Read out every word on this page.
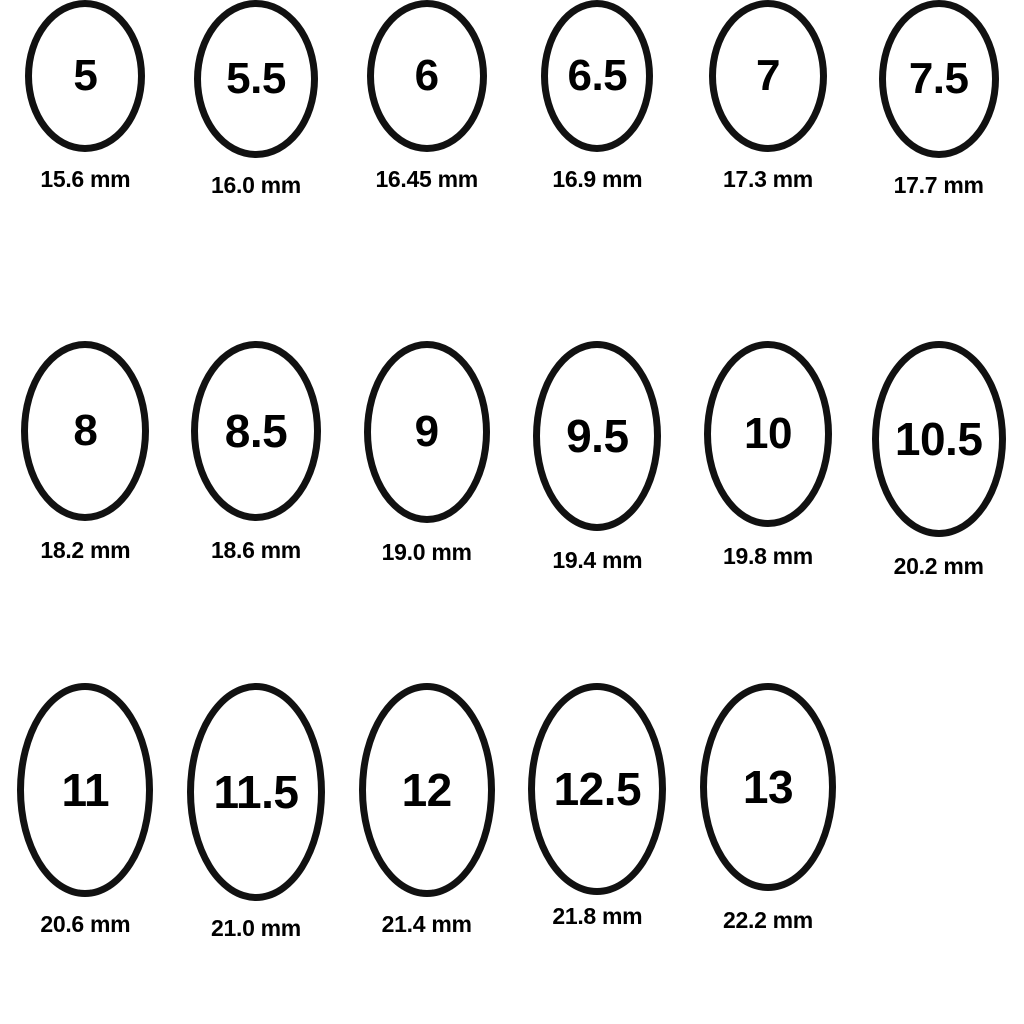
5
15.6 mm
5.5
16.0 mm
6
16.45 mm
6.5
16.9 mm
7
17.3 mm
7.5
17.7 mm
8
18.2 mm
8.5
18.6 mm
9
19.0 mm
9.5
19.4 mm
10
19.8 mm
10.5
20.2 mm
11
20.6 mm
11.5
21.0 mm
12
21.4 mm
12.5
21.8 mm
13
22.2 mm
